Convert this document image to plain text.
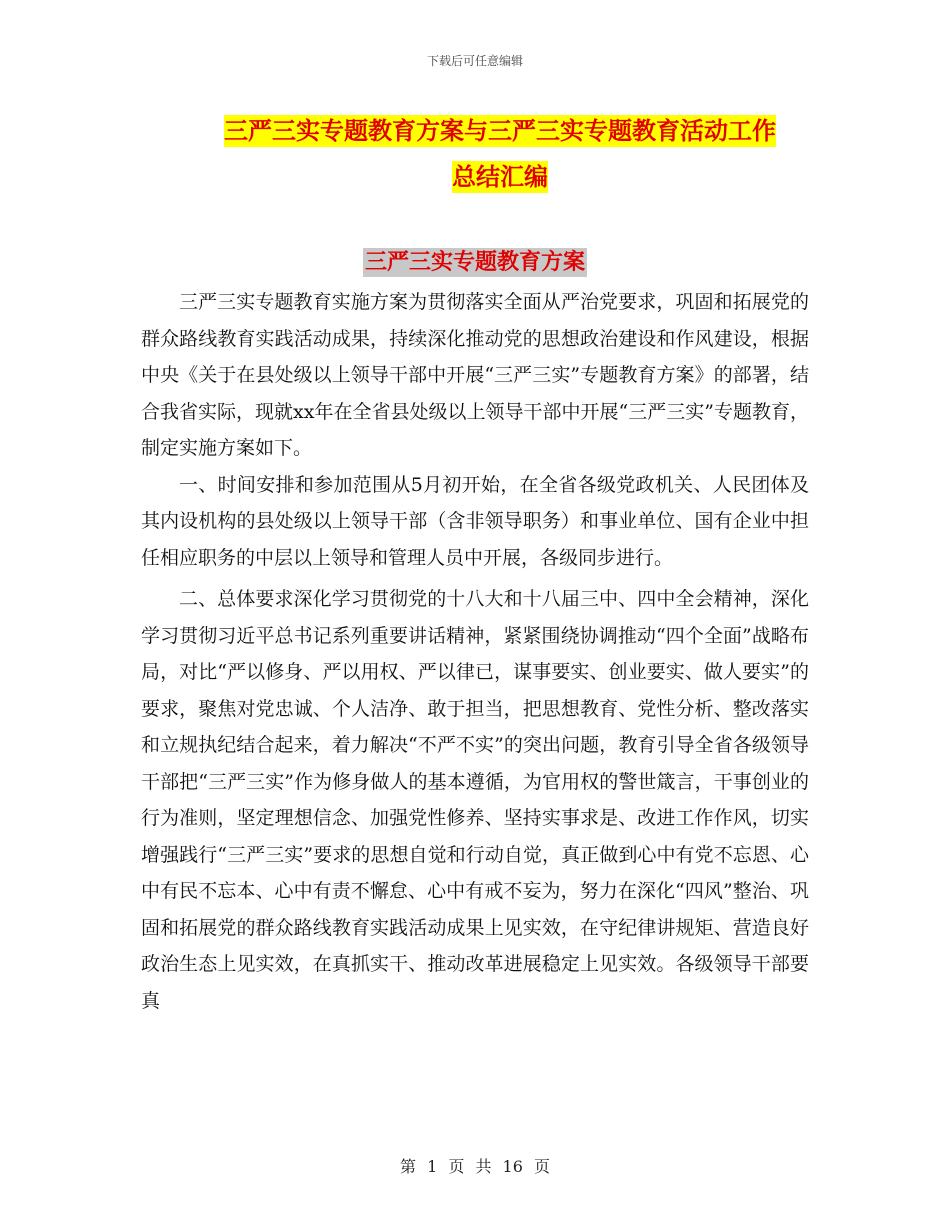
下载后可任意编辑
三严三实专题教育方案与三严三实专题教育活动工作
总结汇编
三严三实专题教育方案

三严三实专题教育实施方案为贯彻落实全面从严治党要求，巩固和拓展党的群众路线教育实践活动成果，持续深化推动党的思想政治建设和作风建设，根据中央《关于在县处级以上领导干部中开展“三严三实”专题教育方案》的部署，结合我省实际，现就xx年在全省县处级以上领导干部中开展“三严三实”专题教育，制定实施方案如下。

一、时间安排和参加范围从5月初开始，在全省各级党政机关、人民团体及其内设机构的县处级以上领导干部（含非领导职务）和事业单位、国有企业中担任相应职务的中层以上领导和管理人员中开展，各级同步进行。

二、总体要求深化学习贯彻党的十八大和十八届三中、四中全会精神，深化学习贯彻习近平总书记系列重要讲话精神，紧紧围绕协调推动“四个全面”战略布局，对比“严以修身、严以用权、严以律已，谋事要实、创业要实、做人要实”的要求，聚焦对党忠诚、个人洁净、敢于担当，把思想教育、党性分析、整改落实和立规执纪结合起来，着力解决“不严不实”的突出问题，教育引导全省各级领导干部把“三严三实”作为修身做人的基本遵循，为官用权的警世箴言，干事创业的行为准则，坚定理想信念、加强党性修养、坚持实事求是、改进工作作风，切实增强践行“三严三实”要求的思想自觉和行动自觉，真正做到心中有党不忘恩、心中有民不忘本、心中有责不懈怠、心中有戒不妄为，努力在深化“四风”整治、巩固和拓展党的群众路线教育实践活动成果上见实效，在守纪律讲规矩、营造良好政治生态上见实效，在真抓实干、推动改革进展稳定上见实效。各级领导干部要真

第 1 页 共 16 页
